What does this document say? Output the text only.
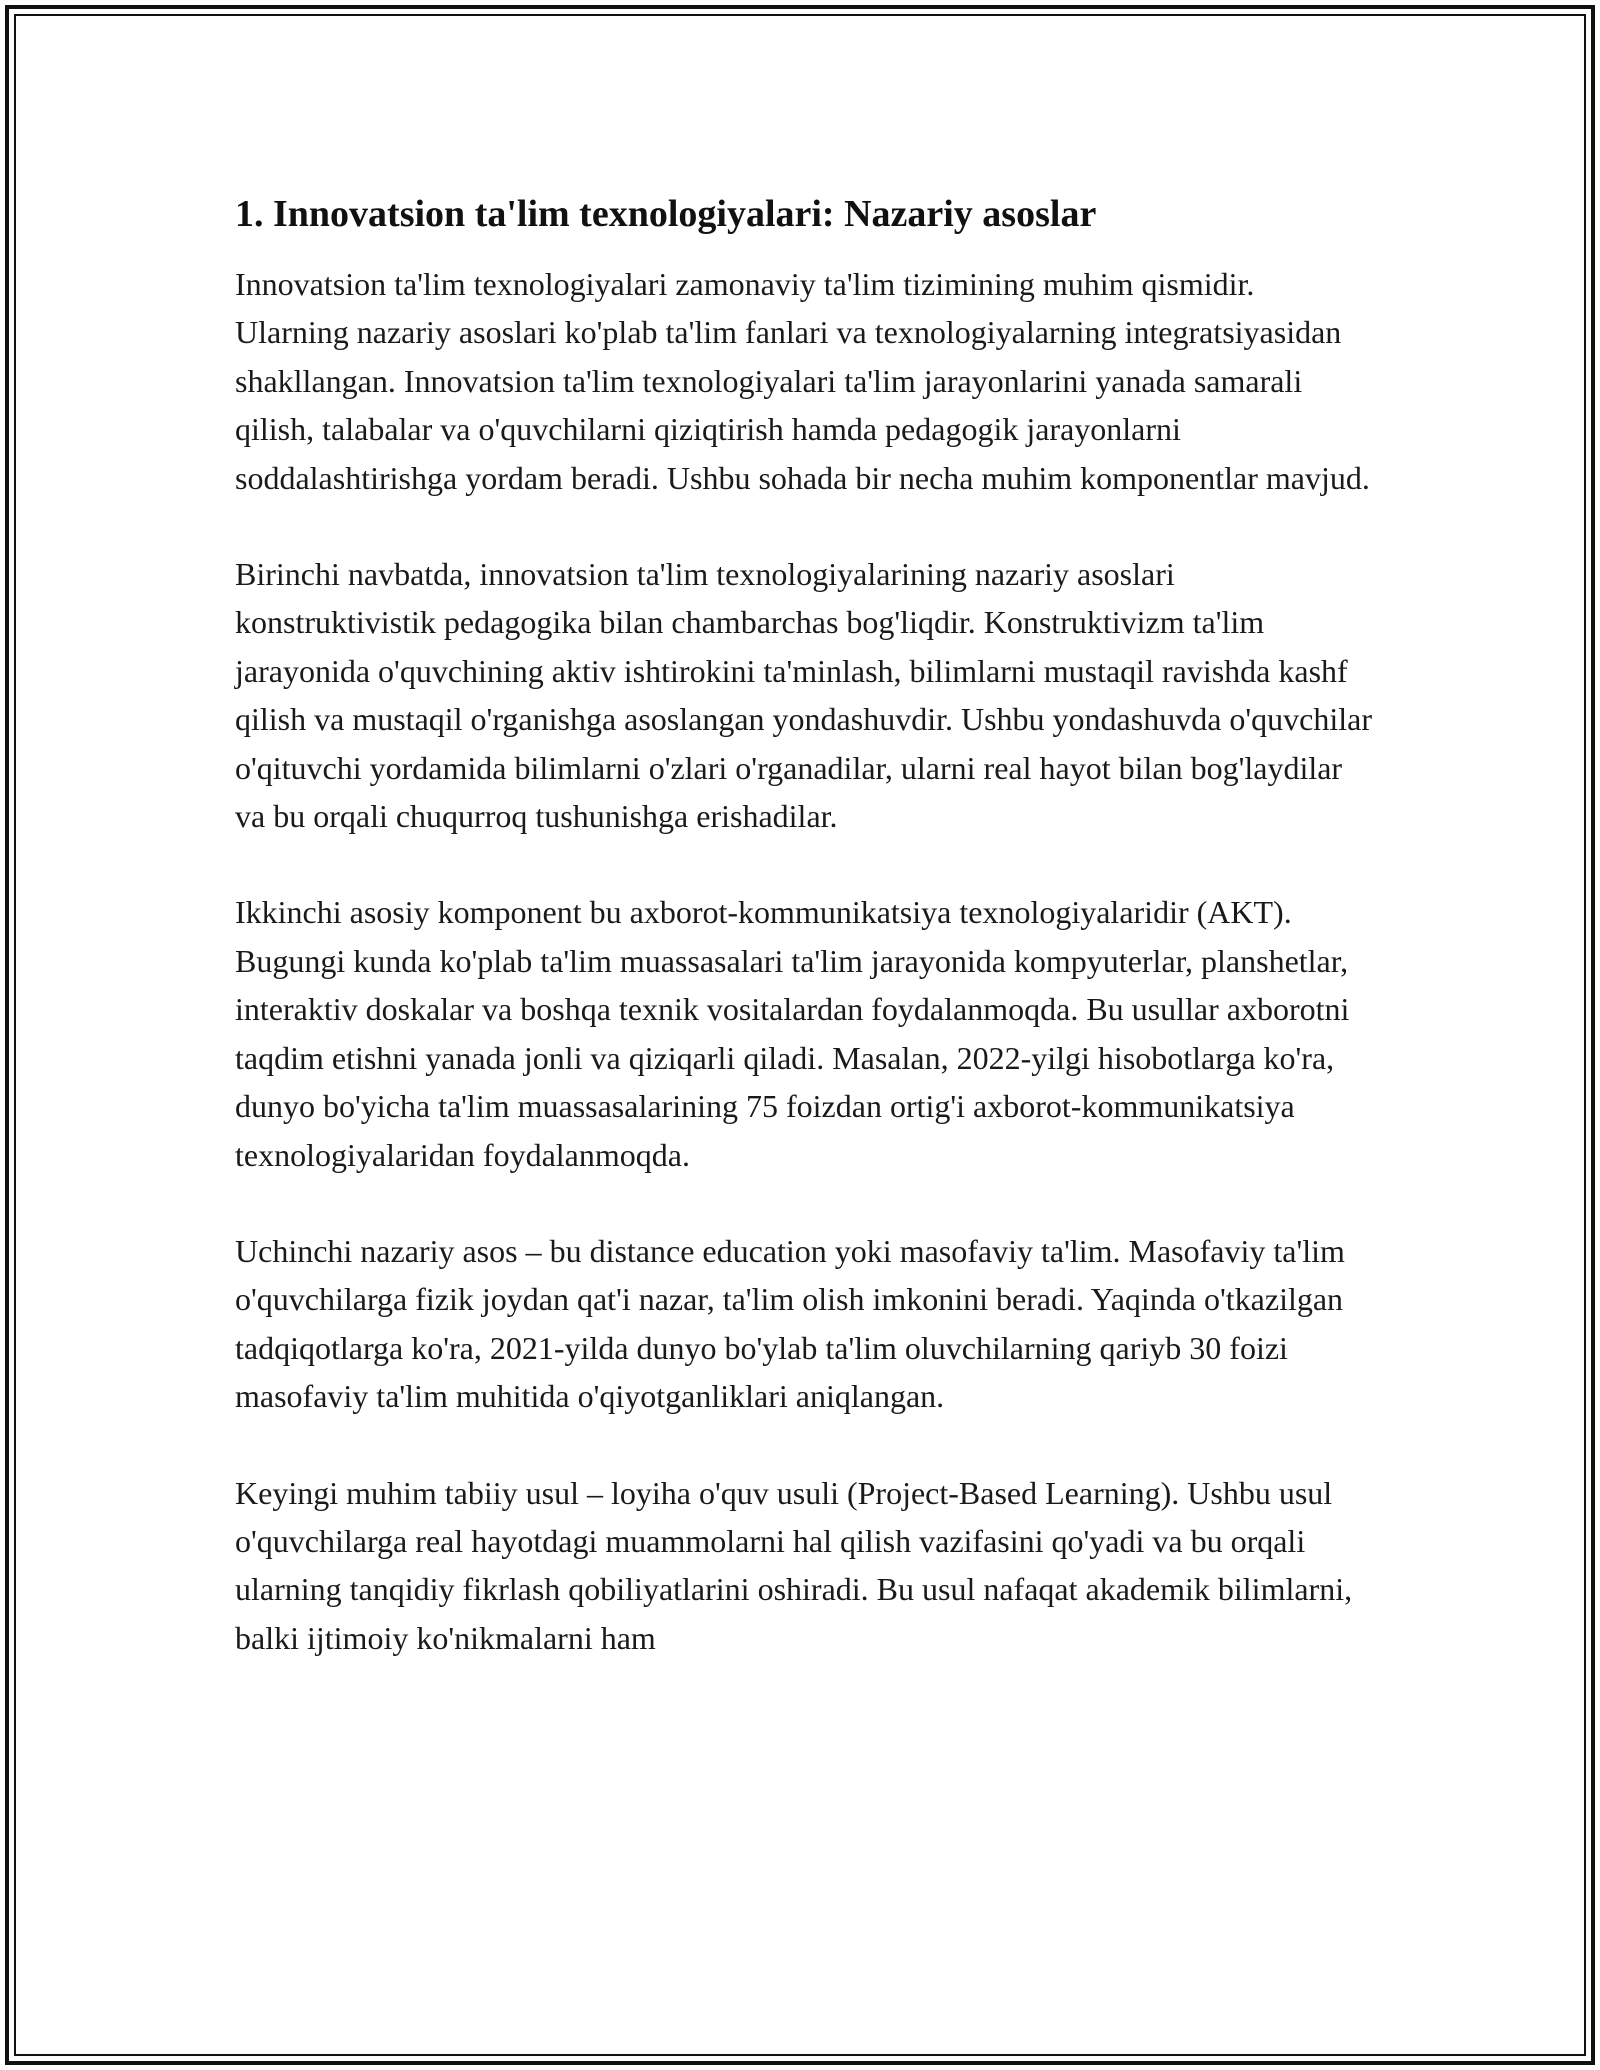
1. Innovatsion ta'lim texnologiyalari: Nazariy asoslar

Innovatsion ta'lim texnologiyalari zamonaviy ta'lim tizimining muhim qismidir. Ularning nazariy asoslari ko'plab ta'lim fanlari va texnologiyalarning integratsiyasidan shakllangan. Innovatsion ta'lim texnologiyalari ta'lim jarayonlarini yanada samarali qilish, talabalar va o'quvchilarni qiziqtirish hamda pedagogik jarayonlarni soddalashtirishga yordam beradi. Ushbu sohada bir necha muhim komponentlar mavjud.

Birinchi navbatda, innovatsion ta'lim texnologiyalarining nazariy asoslari konstruktivistik pedagogika bilan chambarchas bog'liqdir. Konstruktivizm ta'lim jarayonida o'quvchining aktiv ishtirokini ta'minlash, bilimlarni mustaqil ravishda kashf qilish va mustaqil o'rganishga asoslangan yondashuvdir. Ushbu yondashuvda o'quvchilar o'qituvchi yordamida bilimlarni o'zlari o'rganadilar, ularni real hayot bilan bog'laydilar va bu orqali chuqurroq tushunishga erishadilar.

Ikkinchi asosiy komponent bu axborot-kommunikatsiya texnologiyalaridir (AKT). Bugungi kunda ko'plab ta'lim muassasalari ta'lim jarayonida kompyuterlar, planshetlar, interaktiv doskalar va boshqa texnik vositalardan foydalanmoqda. Bu usullar axborotni taqdim etishni yanada jonli va qiziqarli qiladi. Masalan, 2022-yilgi hisobotlarga ko'ra, dunyo bo'yicha ta'lim muassasalarining 75 foizdan ortig'i axborot-kommunikatsiya texnologiyalaridan foydalanmoqda.

Uchinchi nazariy asos – bu distance education yoki masofaviy ta'lim. Masofaviy ta'lim o'quvchilarga fizik joydan qat'i nazar, ta'lim olish imkonini beradi. Yaqinda o'tkazilgan tadqiqotlarga ko'ra, 2021-yilda dunyo bo'ylab ta'lim oluvchilarning qariyb 30 foizi masofaviy ta'lim muhitida o'qiyotganliklari aniqlangan.

Keyingi muhim tabiiy usul – loyiha o'quv usuli (Project-Based Learning). Ushbu usul o'quvchilarga real hayotdagi muammolarni hal qilish vazifasini qo'yadi va bu orqali ularning tanqidiy fikrlash qobiliyatlarini oshiradi. Bu usul nafaqat akademik bilimlarni, balki ijtimoiy ko'nikmalarni ham
